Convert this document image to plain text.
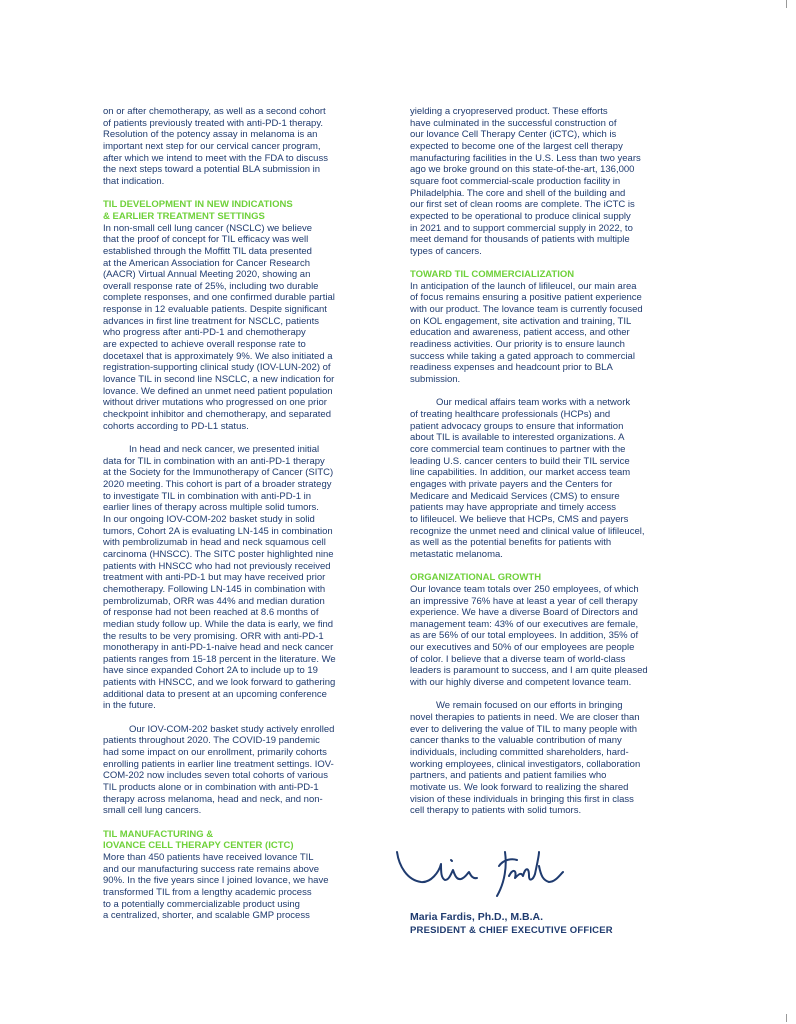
on or after chemotherapy, as well as a second cohort
of patients previously treated with anti-PD-1 therapy.
Resolution of the potency assay in melanoma is an
important next step for our cervical cancer program,
after which we intend to meet with the FDA to discuss
the next steps toward a potential BLA submission in
that indication.

TIL DEVELOPMENT IN NEW INDICATIONS
& EARLIER TREATMENT SETTINGS

In non-small cell lung cancer (NSCLC) we believe
that the proof of concept for TIL efficacy was well
established through the Moffitt TIL data presented
at the American Association for Cancer Research
(AACR) Virtual Annual Meeting 2020, showing an
overall response rate of 25%, including two durable
complete responses, and one confirmed durable partial
response in 12 evaluable patients. Despite significant
advances in first line treatment for NSCLC, patients
who progress after anti-PD-1 and chemotherapy
are expected to achieve overall response rate to
docetaxel that is approximately 9%. We also initiated a
registration-supporting clinical study (IOV-LUN-202) of
lovance TIL in second line NSCLC, a new indication for
lovance. We defined an unmet need patient population
without driver mutations who progressed on one prior
checkpoint inhibitor and chemotherapy, and separated
cohorts according to PD-L1 status.

In head and neck cancer, we presented initial
data for TIL in combination with an anti-PD-1 therapy
at the Society for the Immunotherapy of Cancer (SITC)
2020 meeting. This cohort is part of a broader strategy
to investigate TIL in combination with anti-PD-1 in
earlier lines of therapy across multiple solid tumors.
In our ongoing IOV-COM-202 basket study in solid
tumors, Cohort 2A is evaluating LN-145 in combination
with pembrolizumab in head and neck squamous cell
carcinoma (HNSCC). The SITC poster highlighted nine
patients with HNSCC who had not previously received
treatment with anti-PD-1 but may have received prior
chemotherapy. Following LN-145 in combination with
pembrolizumab, ORR was 44% and median duration
of response had not been reached at 8.6 months of
median study follow up. While the data is early, we find
the results to be very promising. ORR with anti-PD-1
monotherapy in anti-PD-1-naive head and neck cancer
patients ranges from 15-18 percent in the literature. We
have since expanded Cohort 2A to include up to 19
patients with HNSCC, and we look forward to gathering
additional data to present at an upcoming conference
in the future.

Our IOV-COM-202 basket study actively enrolled
patients throughout 2020. The COVID-19 pandemic
had some impact on our enrollment, primarily cohorts
enrolling patients in earlier line treatment settings. IOV-
COM-202 now includes seven total cohorts of various
TIL products alone or in combination with anti-PD-1
therapy across melanoma, head and neck, and non-
small cell lung cancers.

TIL MANUFACTURING &
IOVANCE CELL THERAPY CENTER (ICTC)

More than 450 patients have received lovance TIL
and our manufacturing success rate remains above
90%. In the five years since I joined lovance, we have
transformed TIL from a lengthy academic process
to a potentially commercializable product using
a centralized, shorter, and scalable GMP process

yielding a cryopreserved product. These efforts
have culminated in the successful construction of
our lovance Cell Therapy Center (iCTC), which is
expected to become one of the largest cell therapy
manufacturing facilities in the U.S. Less than two years
ago we broke ground on this state-of-the-art, 136,000
square foot commercial-scale production facility in
Philadelphia. The core and shell of the building and
our first set of clean rooms are complete. The iCTC is
expected to be operational to produce clinical supply
in 2021 and to support commercial supply in 2022, to
meet demand for thousands of patients with multiple
types of cancers.

TOWARD TIL COMMERCIALIZATION

In anticipation of the launch of lifileucel, our main area
of focus remains ensuring a positive patient experience
with our product. The lovance team is currently focused
on KOL engagement, site activation and training, TIL
education and awareness, patient access, and other
readiness activities. Our priority is to ensure launch
success while taking a gated approach to commercial
readiness expenses and headcount prior to BLA
submission.

Our medical affairs team works with a network
of treating healthcare professionals (HCPs) and
patient advocacy groups to ensure that information
about TIL is available to interested organizations. A
core commercial team continues to partner with the
leading U.S. cancer centers to build their TIL service
line capabilities. In addition, our market access team
engages with private payers and the Centers for
Medicare and Medicaid Services (CMS) to ensure
patients may have appropriate and timely access
to lifileucel. We believe that HCPs, CMS and payers
recognize the unmet need and clinical value of lifileucel,
as well as the potential benefits for patients with
metastatic melanoma.

ORGANIZATIONAL GROWTH

Our lovance team totals over 250 employees, of which
an impressive 76% have at least a year of cell therapy
experience. We have a diverse Board of Directors and
management team: 43% of our executives are female,
as are 56% of our total employees. In addition, 35% of
our executives and 50% of our employees are people
of color. I believe that a diverse team of world-class
leaders is paramount to success, and I am quite pleased
with our highly diverse and competent lovance team.

We remain focused on our efforts in bringing
novel therapies to patients in need. We are closer than
ever to delivering the value of TIL to many people with
cancer thanks to the valuable contribution of many
individuals, including committed shareholders, hard-
working employees, clinical investigators, collaboration
partners, and patients and patient families who
motivate us. We look forward to realizing the shared
vision of these individuals in bringing this first in class
cell therapy to patients with solid tumors.

Maria Fardis, Ph.D., M.B.A.
PRESIDENT & CHIEF EXECUTIVE OFFICER
